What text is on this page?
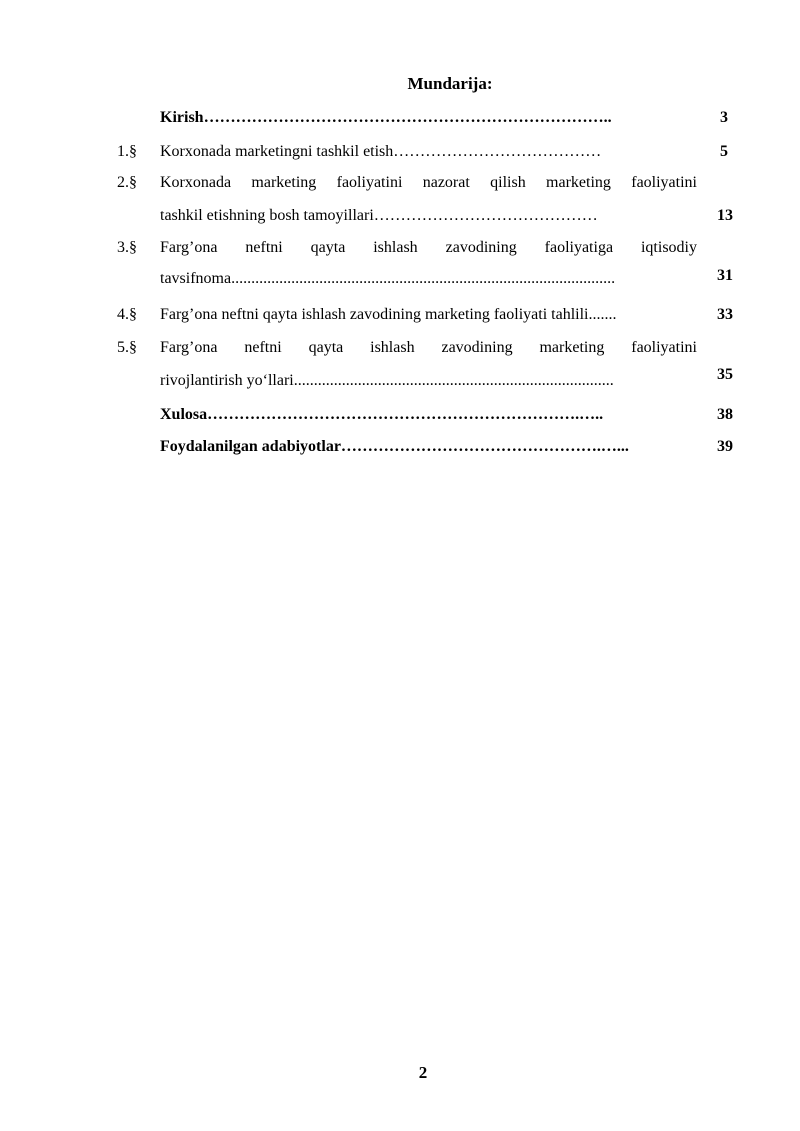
Mundarija:
Kirish…………………………………………………………………..	3
1.§ Korxonada marketingni tashkil etish…………………………………	5
2.§ Korxonada marketing faoliyatini nazorat qilish marketing faoliyatini
tashkil etishning bosh tamoyillari……………………………………	13
3.§ Farg’ona neftni qayta ishlash zavodining faoliyatiga iqtisodiy
tavsifnoma................................................................................................	31
4.§ Farg’ona neftni qayta ishlash zavodining marketing faoliyati tahlili.......	33
5.§ Farg’ona neftni qayta ishlash zavodining marketing faoliyatini
rivojlantirish yo‘llari................................................................................	35
Xulosa…………………………………………………………….…..	38
Foydalanilgan adabiyotlar………………………………………….…...	39
2
